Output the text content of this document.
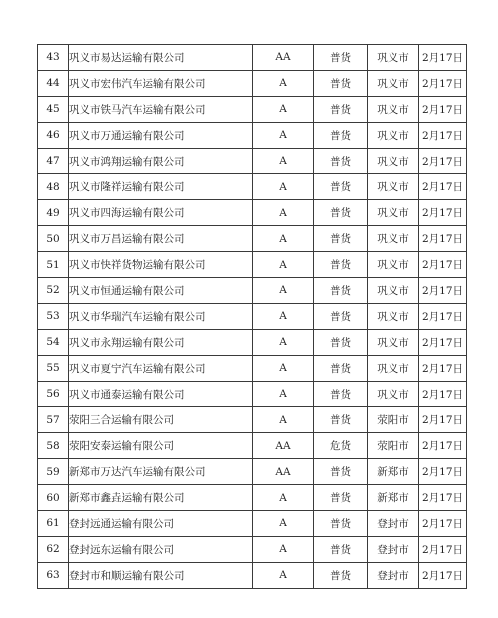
43	巩义市易达运输有限公司	AA	普货	巩义市	2月17日
44	巩义市宏伟汽车运输有限公司	A	普货	巩义市	2月17日
45	巩义市铁马汽车运输有限公司	A	普货	巩义市	2月17日
46	巩义市万通运输有限公司	A	普货	巩义市	2月17日
47	巩义市鸿翔运输有限公司	A	普货	巩义市	2月17日
48	巩义市隆祥运输有限公司	A	普货	巩义市	2月17日
49	巩义市四海运输有限公司	A	普货	巩义市	2月17日
50	巩义市万昌运输有限公司	A	普货	巩义市	2月17日
51	巩义市快祥货物运输有限公司	A	普货	巩义市	2月17日
52	巩义市恒通运输有限公司	A	普货	巩义市	2月17日
53	巩义市华瑞汽车运输有限公司	A	普货	巩义市	2月17日
54	巩义市永翔运输有限公司	A	普货	巩义市	2月17日
55	巩义市夏宁汽车运输有限公司	A	普货	巩义市	2月17日
56	巩义市通泰运输有限公司	A	普货	巩义市	2月17日
57	荥阳三合运输有限公司	A	普货	荥阳市	2月17日
58	荥阳安泰运输有限公司	AA	危货	荥阳市	2月17日
59	新郑市万达汽车运输有限公司	AA	普货	新郑市	2月17日
60	新郑市鑫垚运输有限公司	A	普货	新郑市	2月17日
61	登封远通运输有限公司	A	普货	登封市	2月17日
62	登封远东运输有限公司	A	普货	登封市	2月17日
63	登封市和顺运输有限公司	A	普货	登封市	2月17日
